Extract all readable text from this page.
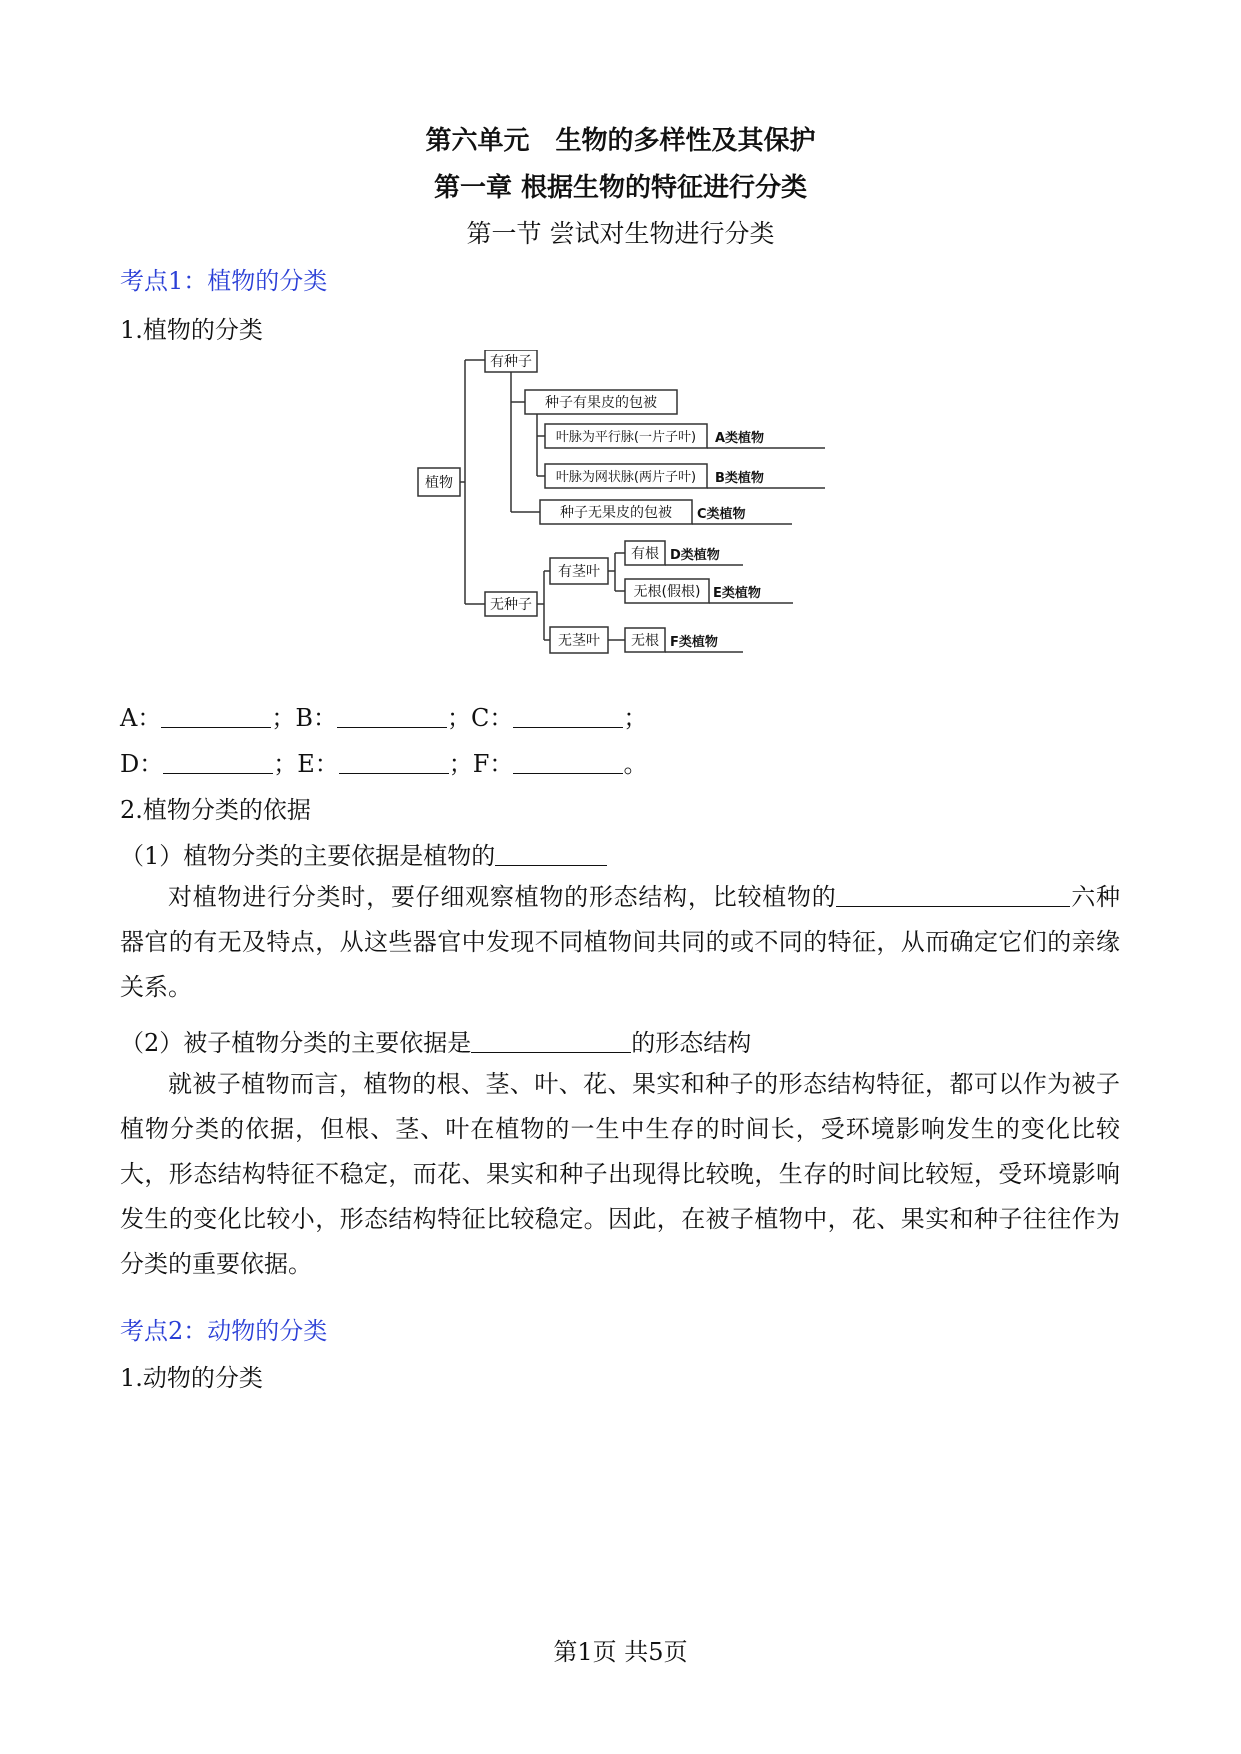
第六单元　生物的多样性及其保护
第一章 根据生物的特征进行分类
第一节 尝试对生物进行分类
考点1：植物的分类
1.植物的分类
植物
有种子
种子有果皮的包被
叶脉为平行脉(一片子叶)
叶脉为网状脉(两片子叶)
种子无果皮的包被
无种子
有茎叶
有根
无根(假根)
无茎叶 无根
A类植物
B类植物
C类植物
D类植物
E类植物
F类植物
A：	；B：	；C：	；
D：	；E：	；F：	。
2.植物分类的依据
（1）植物分类的主要依据是植物的
对植物进行分类时，要仔细观察植物的形态结构，比较植物的	六种器官的有无及特点，从这些器官中发现不同植物间共同的或不同的特征，从而确定它们的亲缘关系。
（2）被子植物分类的主要依据是	的形态结构
就被子植物而言，植物的根、茎、叶、花、果实和种子的形态结构特征，都可以作为被子植物分类的依据，但根、茎、叶在植物的一生中生存的时间长，受环境影响发生的变化比较大，形态结构特征不稳定，而花、果实和种子出现得比较晚，生存的时间比较短，受环境影响发生的变化比较小，形态结构特征比较稳定。因此，在被子植物中，花、果实和种子往往作为分类的重要依据。
考点2：动物的分类
1.动物的分类
第1页 共5页
